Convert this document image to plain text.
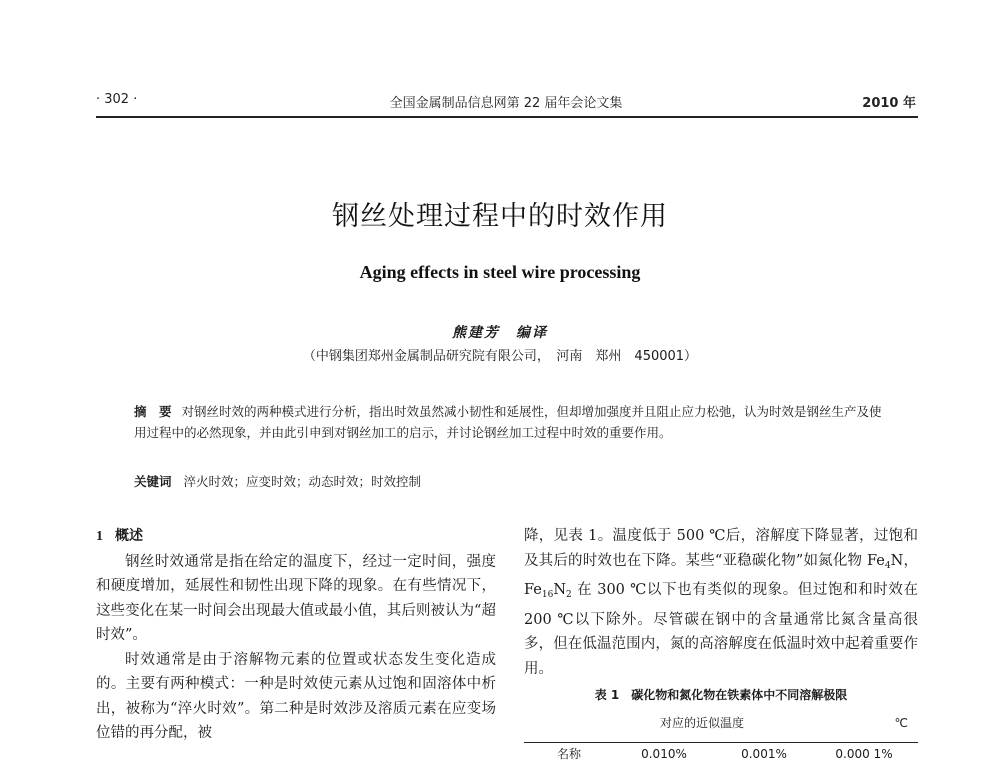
· 302 ·	全国金属制品信息网第 22 届年会论文集	2010 年
钢丝处理过程中的时效作用
Aging effects in steel wire processing
熊建芳　编译
（中钢集团郑州金属制品研究院有限公司，　河南　郑州　450001）
摘　要 对钢丝时效的两种模式进行分析，指出时效虽然减小韧性和延展性，但却增加强度并且阻止应力松弛，认为时效是钢丝生产及使用过程中的必然现象，并由此引申到对钢丝加工的启示，并讨论钢丝加工过程中时效的重要作用。
关键词 淬火时效；应变时效；动态时效；时效控制
1 概述
钢丝时效通常是指在给定的温度下，经过一定时间，强度和硬度增加，延展性和韧性出现下降的现象。在有些情况下，这些变化在某一时间会出现最大值或最小值，其后则被认为“超时效”。
时效通常是由于溶解物元素的位置或状态发生变化造成的。主要有两种模式：一种是时效使元素从过饱和固溶体中析出，被称为“淬火时效”。第二种是时效涉及溶质元素在应变场位错的再分配，被
降，见表 1。温度低于 500 ℃后，溶解度下降显著，过饱和及其后的时效也在下降。某些“亚稳碳化物”如氮化物 $Fe_4N$，$Fe_{16}N_2$ 在 300 ℃以下也有类似的现象。但过饱和和时效在 200 ℃以下除外。尽管碳在钢中的含量通常比氮含量高很多，但在低温范围内，氮的高溶解度在低温时效中起着重要作用。
表 1　碳化物和氮化物在铁素体中不同溶解极限
对应的近似温度	℃
名称	0.010%	0.001%	0.000 1%
